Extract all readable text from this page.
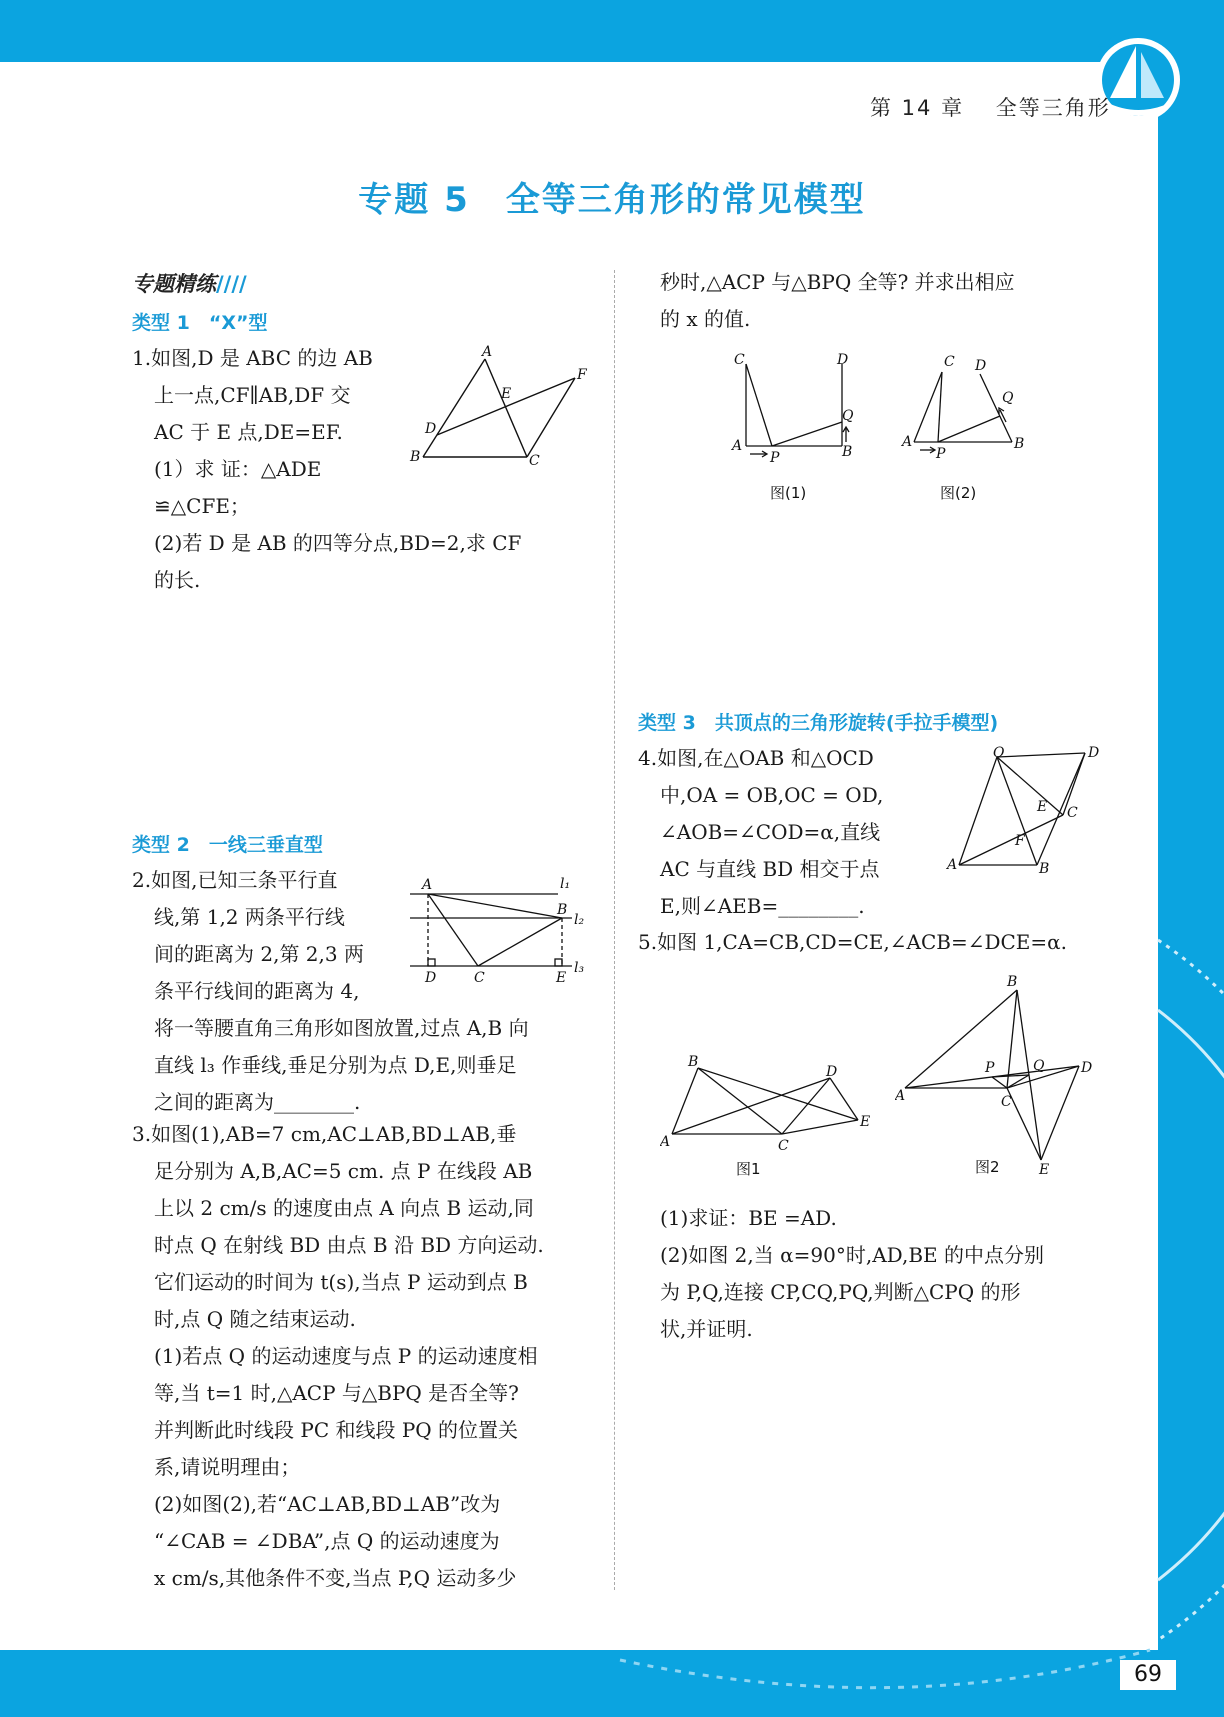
第 14 章　 全等三角形
专题 5　全等三角形的常见模型
专题精练////
类型 1　“X”型
1.如图,D 是 ABC 的边 AB
上一点,CF∥AB,DF 交
AC 于 E 点,DE=EF.
(1）求 证：△ADE
≌△CFE；
(2)若 D 是 AB 的四等分点,BD=2,求 CF
的长.
A
B	C
D
E
F
类型 2　一线三垂直型
2.如图,已知三条平行直
线,第 1,2 两条平行线
间的距离为 2,第 2,3 两
条平行线间的距离为 4,
将一等腰直角三角形如图放置,过点 A,B 向
直线 l₃ 作垂线,垂足分别为点 D,E,则垂足
之间的距离为________.
A
B
C
D	E
l₁
l₂
l₃
3.如图(1),AB=7 cm,AC⊥AB,BD⊥AB,垂
足分别为 A,B,AC=5 cm. 点 P 在线段 AB
上以 2 cm/s 的速度由点 A 向点 B 运动,同
时点 Q 在射线 BD 由点 B 沿 BD 方向运动.
它们运动的时间为 t(s),当点 P 运动到点 B
时,点 Q 随之结束运动.
(1)若点 Q 的运动速度与点 P 的运动速度相
等,当 t=1 时,△ACP 与△BPQ 是否全等?
并判断此时线段 PC 和线段 PQ 的位置关
系,请说明理由；
(2)如图(2),若“AC⊥AB,BD⊥AB”改为
“∠CAB = ∠DBA”,点 Q 的运动速度为
x cm/s,其他条件不变,当点 P,Q 运动多少
秒时,△ACP 与△BPQ 全等? 并求出相应
的 x 的值.
C	D
A
P
Q
B
图(1)
C D
A
P
Q
B
图(2)
类型 3　共顶点的三角形旋转(手拉手模型)
4.如图,在△OAB 和△OCD
中,OA = OB,OC = OD,
∠AOB=∠COD=α,直线
AC 与直线 BD 相交于点
E,则∠AEB=________.
O	D
C
E
F
A	B
5.如图 1,CA=CB,CD=CE,∠ACB=∠DCE=α.
B
D
E
A	C
图1
B
A
P	Q	D
C
E
图2
(1)求证：BE =AD.
(2)如图 2,当 α=90°时,AD,BE 的中点分别
为 P,Q,连接 CP,CQ,PQ,判断△CPQ 的形
状,并证明.
69
